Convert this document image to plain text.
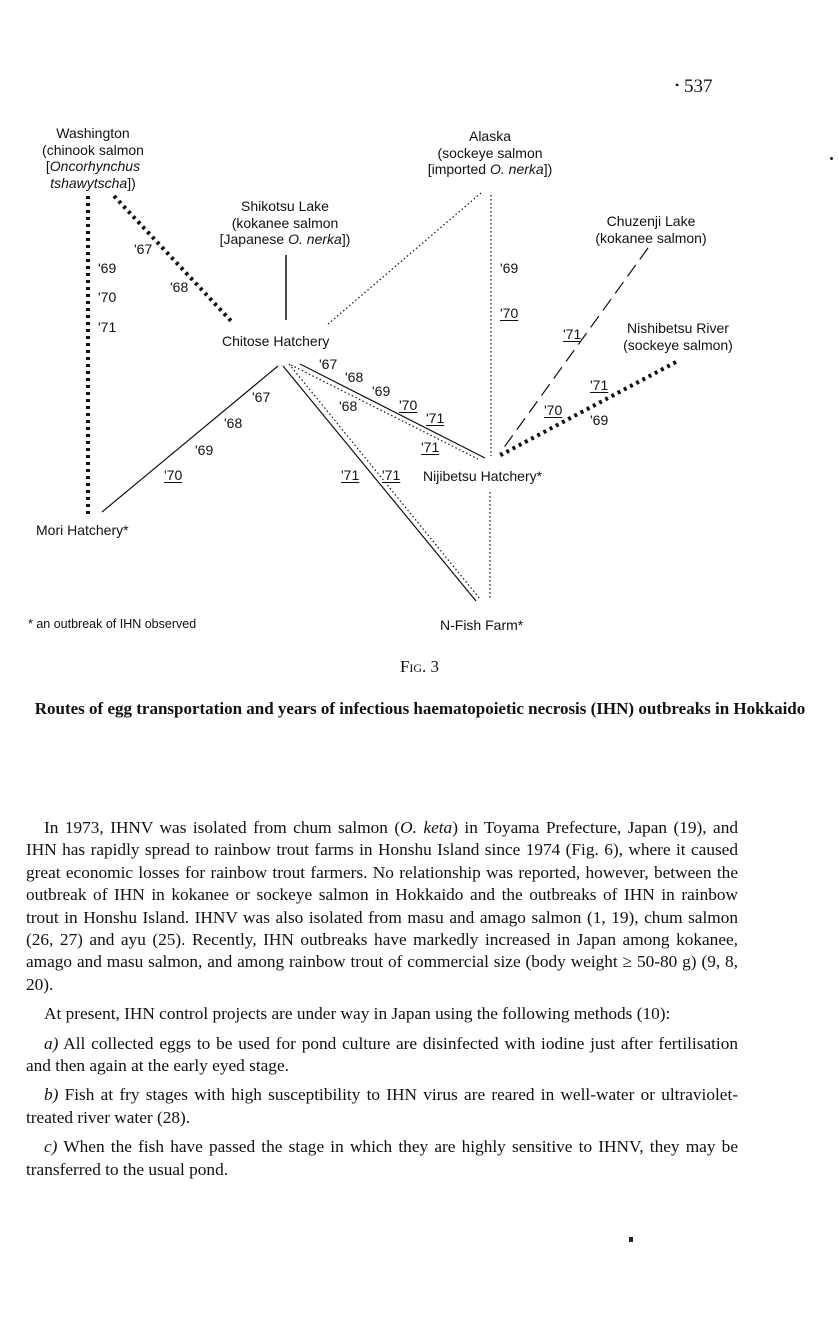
• 537
Washington
(chinook salmon
[Oncorhynchus
tshawytscha])
Shikotsu Lake
(kokanee salmon
[Japanese O. nerka])
Alaska
(sockeye salmon
[imported O. nerka])
Chuzenji Lake
(kokanee salmon)
Nishibetsu River
(sockeye salmon)
Chitose Hatchery
Nijibetsu Hatchery*
Mori Hatchery*
N-Fish Farm*
'69
'70
'71
'67
'68
'69
'70
'67
'68
'69
'70
'67
'68
'69
'70
'71
'68
'71
'71 '71
'71
'71
'70
'69
* an outbreak of IHN observed
Fig. 3
Routes of egg transportation and years of infectious haematopoietic necrosis (IHN) outbreaks in Hokkaido

In 1973, IHNV was isolated from chum salmon (O. keta) in Toyama Prefecture, Japan (19), and IHN has rapidly spread to rainbow trout farms in Honshu Island since 1974 (Fig. 6), where it caused great economic losses for rainbow trout farmers. No relationship was reported, however, between the outbreak of IHN in kokanee or sockeye salmon in Hokkaido and the outbreaks of IHN in rainbow trout in Honshu Island. IHNV was also isolated from masu and amago salmon (1, 19), chum salmon (26, 27) and ayu (25). Recently, IHN outbreaks have markedly increased in Japan among kokanee, amago and masu salmon, and among rainbow trout of commercial size (body weight ≥ 50-80 g) (9, 8, 20).

At present, IHN control projects are under way in Japan using the following methods (10):

a) All collected eggs to be used for pond culture are disinfected with iodine just after fertilisation and then again at the early eyed stage.

b) Fish at fry stages with high susceptibility to IHN virus are reared in well-water or ultraviolet-treated river water (28).

c) When the fish have passed the stage in which they are highly sensitive to IHNV, they may be transferred to the usual pond.
